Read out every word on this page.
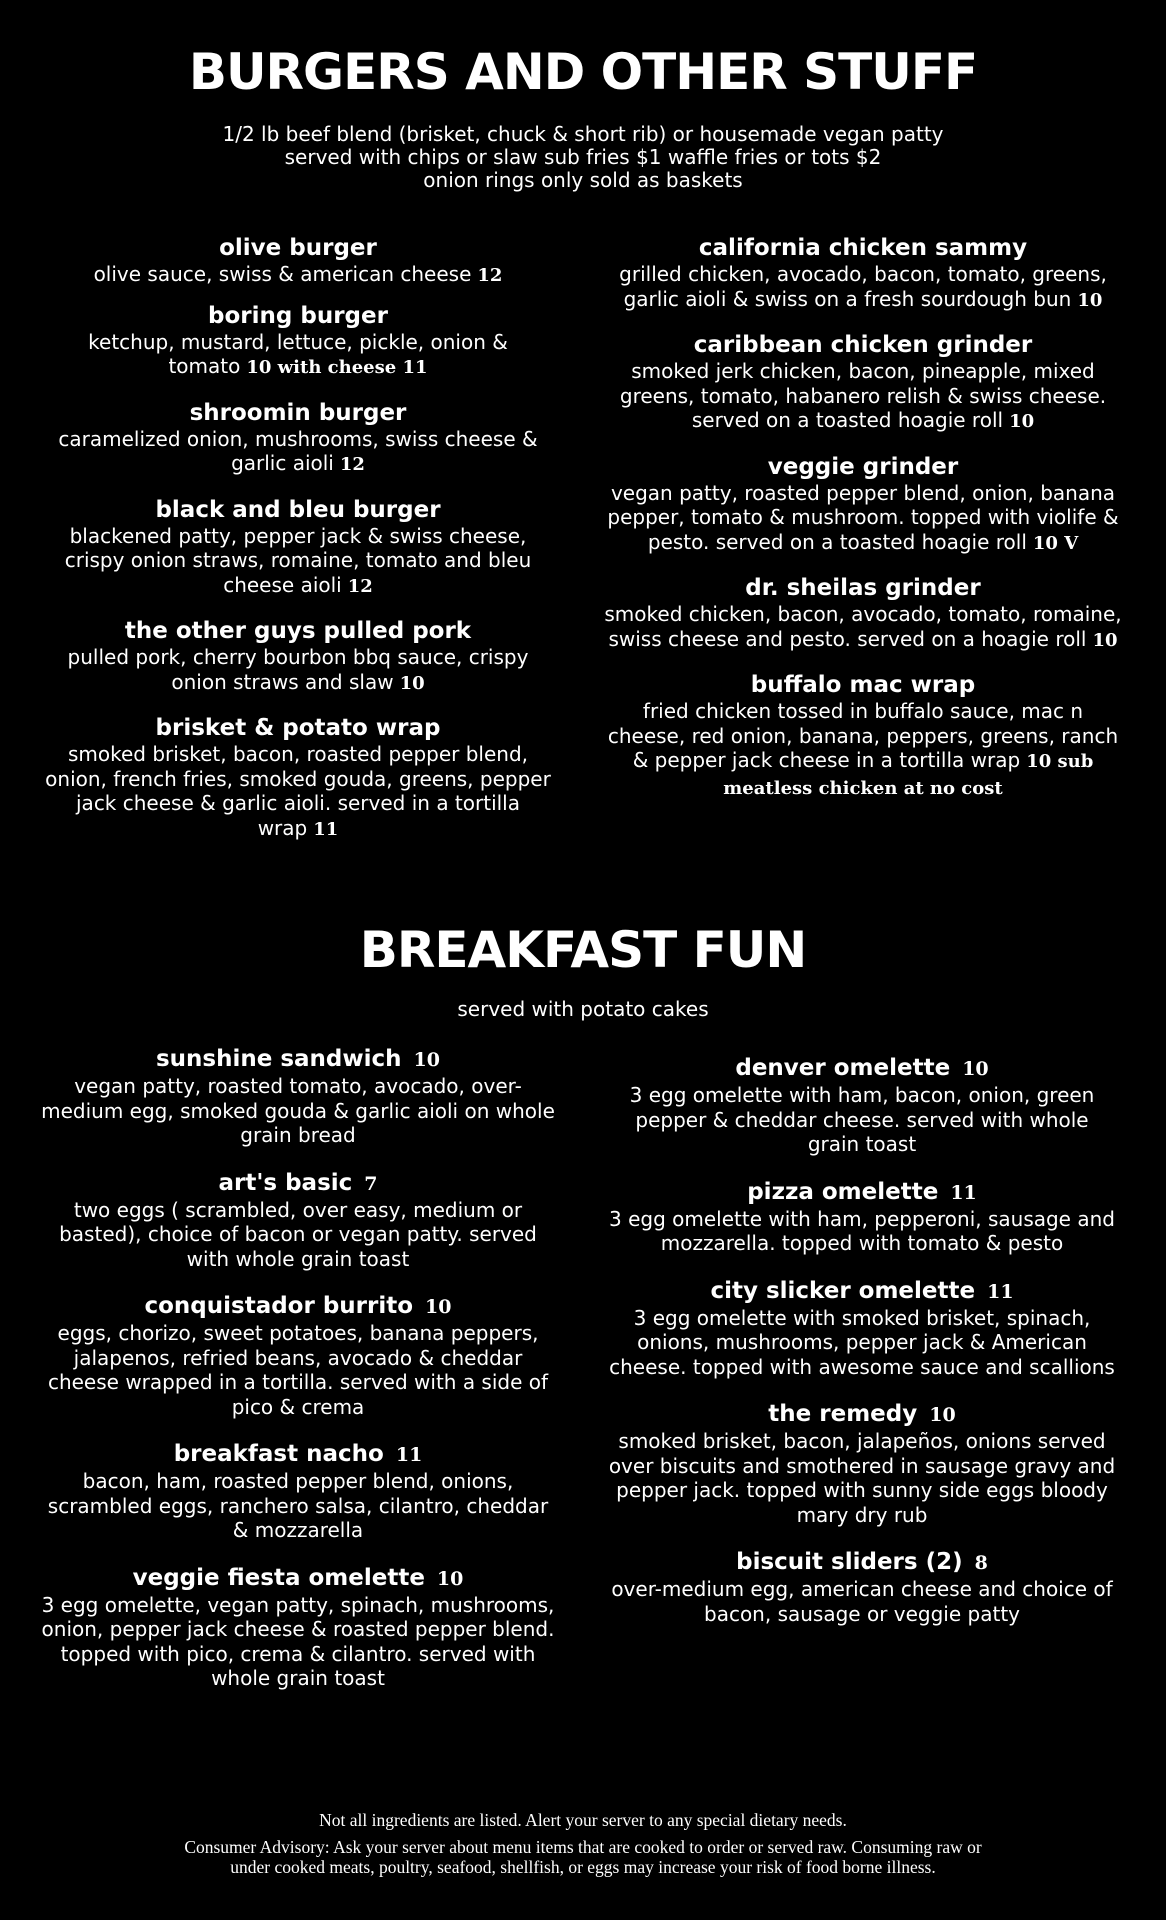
BURGERS AND OTHER STUFF
1/2 lb beef blend (brisket, chuck & short rib) or housemade vegan patty
served with chips or slaw sub fries $1 waffle fries or tots $2
onion rings only sold as baskets
olive burger
olive sauce, swiss & american cheese 12
boring burger
ketchup, mustard, lettuce, pickle, onion & tomato 10 with cheese 11
shroomin burger
caramelized onion, mushrooms, swiss cheese & garlic aioli 12
black and bleu burger
blackened patty, pepper jack & swiss cheese, crispy onion straws, romaine, tomato and bleu cheese aioli 12
the other guys pulled pork
pulled pork, cherry bourbon bbq sauce, crispy onion straws and slaw 10
brisket & potato wrap
smoked brisket, bacon, roasted pepper blend, onion, french fries, smoked gouda, greens, pepper jack cheese & garlic aioli. served in a tortilla wrap 11
california chicken sammy
grilled chicken, avocado, bacon, tomato, greens, garlic aioli & swiss on a fresh sourdough bun 10
caribbean chicken grinder
smoked jerk chicken, bacon, pineapple, mixed greens, tomato, habanero relish & swiss cheese. served on a toasted hoagie roll 10
veggie grinder
vegan patty, roasted pepper blend, onion, banana pepper, tomato & mushroom. topped with violife & pesto. served on a toasted hoagie roll 10 V
dr. sheilas grinder
smoked chicken, bacon, avocado, tomato, romaine, swiss cheese and pesto. served on a hoagie roll 10
buffalo mac wrap
fried chicken tossed in buffalo sauce, mac n cheese, red onion, banana, peppers, greens, ranch & pepper jack cheese in a tortilla wrap 10 sub meatless chicken at no cost
BREAKFAST FUN
served with potato cakes
sunshine sandwich 10
vegan patty, roasted tomato, avocado, over-medium egg, smoked gouda & garlic aioli on whole grain bread
art's basic 7
two eggs ( scrambled, over easy, medium or basted), choice of bacon or vegan patty. served with whole grain toast
conquistador burrito 10
eggs, chorizo, sweet potatoes, banana peppers, jalapenos, refried beans, avocado & cheddar cheese wrapped in a tortilla. served with a side of pico & crema
breakfast nacho 11
bacon, ham, roasted pepper blend, onions, scrambled eggs, ranchero salsa, cilantro, cheddar & mozzarella
veggie fiesta omelette 10
3 egg omelette, vegan patty, spinach, mushrooms, onion, pepper jack cheese & roasted pepper blend. topped with pico, crema & cilantro. served with whole grain toast
denver omelette 10
3 egg omelette with ham, bacon, onion, green pepper & cheddar cheese. served with whole grain toast
pizza omelette 11
3 egg omelette with ham, pepperoni, sausage and mozzarella. topped with tomato & pesto
city slicker omelette 11
3 egg omelette with smoked brisket, spinach, onions, mushrooms, pepper jack & American cheese. topped with awesome sauce and scallions
the remedy 10
smoked brisket, bacon, jalapeños, onions served over biscuits and smothered in sausage gravy and pepper jack. topped with sunny side eggs bloody mary dry rub
biscuit sliders (2) 8
over-medium egg, american cheese and choice of bacon, sausage or veggie patty
Not all ingredients are listed. Alert your server to any special dietary needs.
Consumer Advisory: Ask your server about menu items that are cooked to order or served raw. Consuming raw or
under cooked meats, poultry, seafood, shellfish, or eggs may increase your risk of food borne illness.
